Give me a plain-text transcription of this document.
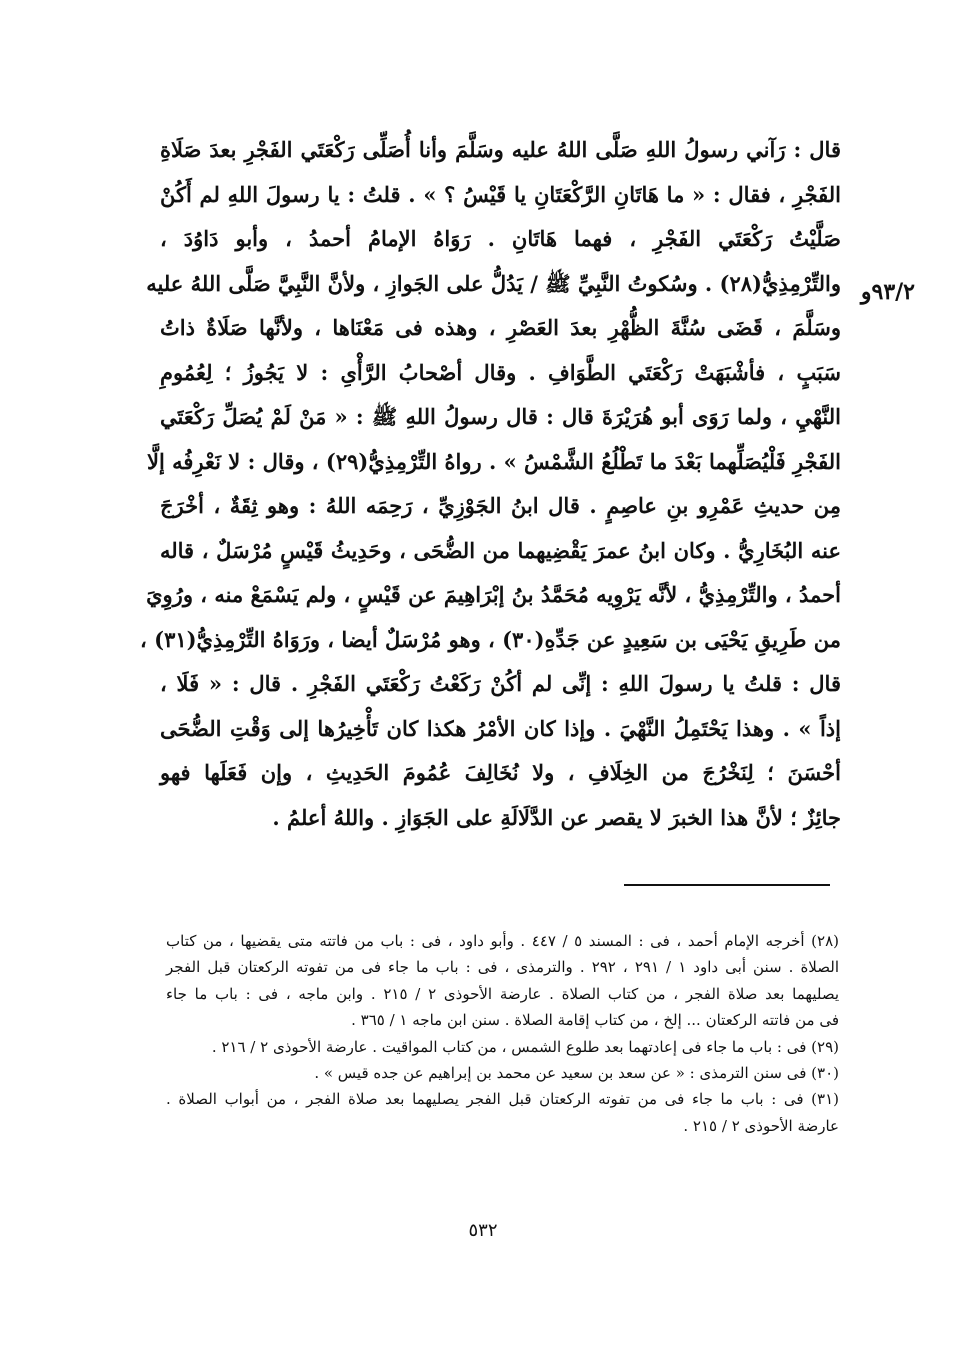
٩٣/٢و
قال : رَآني رسولُ اللهِ صَلَّى اللهُ عليه وسَلَّمَ وأنا أُصَلِّى رَكْعَتَي الفَجْرِ بعدَ صَلَاةِ
الفَجْرِ ، فقال : « ما هَاتَانِ الرَّكْعَتَانِ يا قَيْسُ ؟ » . قلتُ : يا رسولَ اللهِ لم أَكُنْ
صَلَّيْتُ رَكْعَتَي الفَجْرِ ، فهما هَاتَانِ . رَوَاهُ الإمامُ أحمدُ ، وأبو دَاوُدَ ،
والتِّرْمِذِيُّ(٢٨) . وسُكوتُ النَّبِيِّ ﷺ / يَدُلُّ على الجَوازِ ، ولأنَّ النَّبِيَّ صَلَّى اللهُ عليه
وسَلَّمَ ، قَضَى سُنَّةَ الظُّهْرِ بعدَ العَصْرِ ، وهذه فى مَعْنَاها ، ولأنَّها صَلَاةٌ ذاتُ
سَبَبٍ ، فأشْبَهَتْ رَكْعَتَي الطَّوَافِ . وقال أصْحابُ الرَّأْىِ : لا يَجُوزُ ؛ لِعُمُومِ
النَّهْيِ ، ولما رَوَى أبو هُرَيْرَةَ قال : قال رسولُ اللهِ ﷺ : « مَنْ لَمْ يُصَلِّ رَكْعَتَي
الفَجْرِ فَلْيُصَلِّهما بَعْدَ ما تَطْلُعُ الشَّمْسُ » . رواهُ التِّرْمِذِيُّ(٢٩) ، وقال : لا نَعْرِفُه إلَّا
مِن حديثِ عَمْرِو بنِ عاصِمٍ . قال ابنُ الجَوْزِيِّ ، رَحِمَه اللهُ : وهو ثِقَةٌ ، أخْرَجَ
عنه البُخَارِيُّ . وكان ابنُ عمرَ يَقْضِيهما من الضُّحَى ، وحَدِيثُ قَيْسٍ مُرْسَلٌ ، قاله
أحمدُ ، والتِّرْمِذِيُّ ، لأنَّه يَرْوِيه مُحَمَّدُ بنُ إبْرَاهِيمَ عن قَيْسٍ ، ولم يَسْمَعْ منه ، ورُوِيَ
من طَرِيقِ يَحْيَى بن سَعِيدٍ عن جَدِّهِ(٣٠) ، وهو مُرْسَلٌ أيضا ، ورَوَاهُ التِّرْمِذِيُّ(٣١) ،
قال : قلتُ يا رسولَ اللهِ : إنِّى لم أكُنْ رَكَعْتُ رَكْعَتَي الفَجْرِ . قال : « فَلَا ،
إذاً » . وهذا يَحْتَمِلُ النَّهْيَ . وإذا كان الأمْرُ هكذا كان تَأْخِيرُها إلى وَقْتِ الضُّحَى
أحْسَنَ ؛ لِنَخْرُجَ من الخِلَافِ ، ولا نُخَالِفَ عُمُومَ الحَدِيثِ ، وإن فَعَلَها فهو
جائِزٌ ؛ لأنَّ هذا الخبرَ لا يقصر عن الدَّلَالَةِ على الجَوَازِ . واللهُ أعلمُ .
(٢٨) أخرجه الإمام أحمد ، فى : المسند ٥ / ٤٤٧ . وأبو داود ، فى : باب من فاتته متى يقضيها ، من كتاب
الصلاة . سنن أبى داود ١ / ٢٩١ ، ٢٩٢ . والترمذى ، فى : باب ما جاء فى من تفوته الركعتان قبل الفجر
يصليهما بعد صلاة الفجر ، من كتاب الصلاة . عارضة الأحوذى ٢ / ٢١٥ . وابن ماجه ، فى : باب ما جاء
فى من فاتته الركعتان ... إلخ ، من كتاب إقامة الصلاة . سنن ابن ماجه ١ / ٣٦٥ .
(٢٩) فى : باب ما جاء فى إعادتهما بعد طلوع الشمس ، من كتاب المواقيت . عارضة الأحوذى ٢ / ٢١٦ .
(٣٠) فى سنن الترمذى : « عن سعد بن سعيد عن محمد بن إبراهيم عن جده قيس » .
(٣١) فى : باب ما جاء فى من تفوته الركعتان قبل الفجر يصليهما بعد صلاة الفجر ، من أبواب الصلاة .
عارضة الأحوذى ٢ / ٢١٥ .
٥٣٢
